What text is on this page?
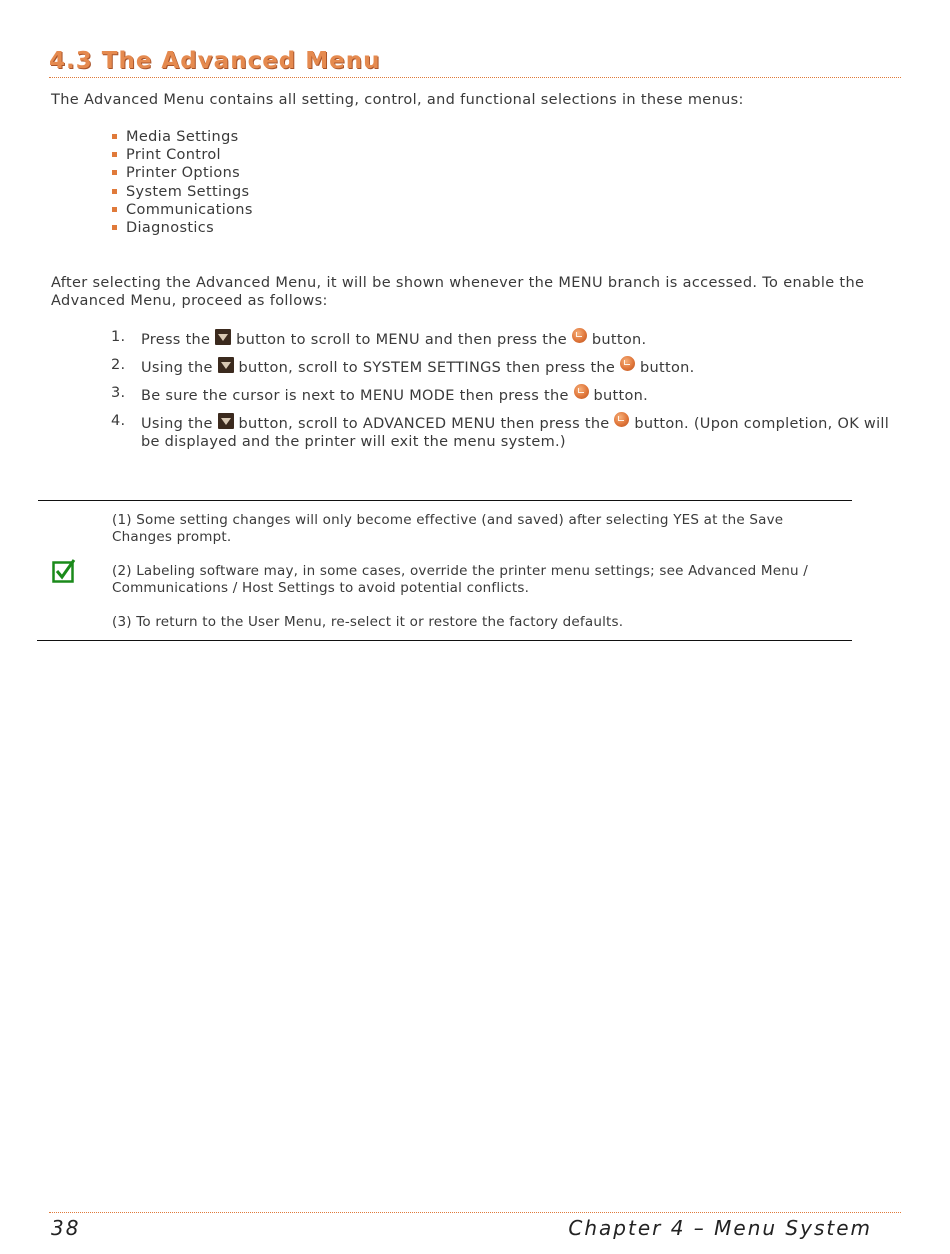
4.3 The Advanced Menu

The Advanced Menu contains all setting, control, and functional selections in these menus:

Media Settings
Print Control
Printer Options
System Settings
Communications
Diagnostics

After selecting the Advanced Menu, it will be shown whenever the MENU branch is accessed. To enable the Advanced Menu, proceed as follows:

1. Press the button to scroll to MENU and then press the button.
2. Using the button, scroll to SYSTEM SETTINGS then press the button.
3. Be sure the cursor is next to MENU MODE then press the button.
4. Using the button, scroll to ADVANCED MENU then press the button. (Upon completion, OK will be displayed and the printer will exit the menu system.)

(1) Some setting changes will only become effective (and saved) after selecting YES at the Save Changes prompt.

(2) Labeling software may, in some cases, override the printer menu settings; see Advanced Menu / Communications / Host Settings to avoid potential conflicts.

(3) To return to the User Menu, re-select it or restore the factory defaults.

38	Chapter 4 – Menu System
